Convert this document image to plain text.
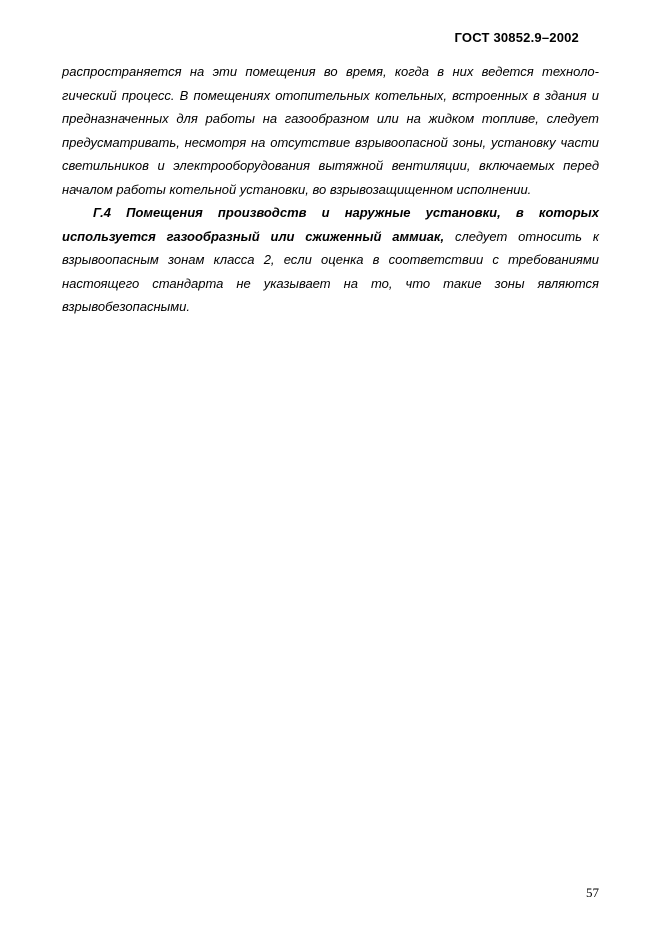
ГОСТ 30852.9–2002

распространяется на эти помещения во время, когда в них ведется техноло-гический процесс. В помещениях отопительных котельных, встроенных в здания и предназначенных для работы на газообразном или на жидком топливе, следует предусматривать, несмотря на отсутствие взрывоопасной зоны, установку части светильников и электрооборудования вытяжной вентиляции, включаемых перед началом работы котельной установки, во взрывозащищенном исполнении.

Г.4 Помещения производств и наружные установки, в которых используется газообразный или сжиженный аммиак, следует относить к взрывоопасным зонам класса 2, если оценка в соответствии с требованиями настоящего стандарта не указывает на то, что такие зоны являются взрывобезопасными.

57
